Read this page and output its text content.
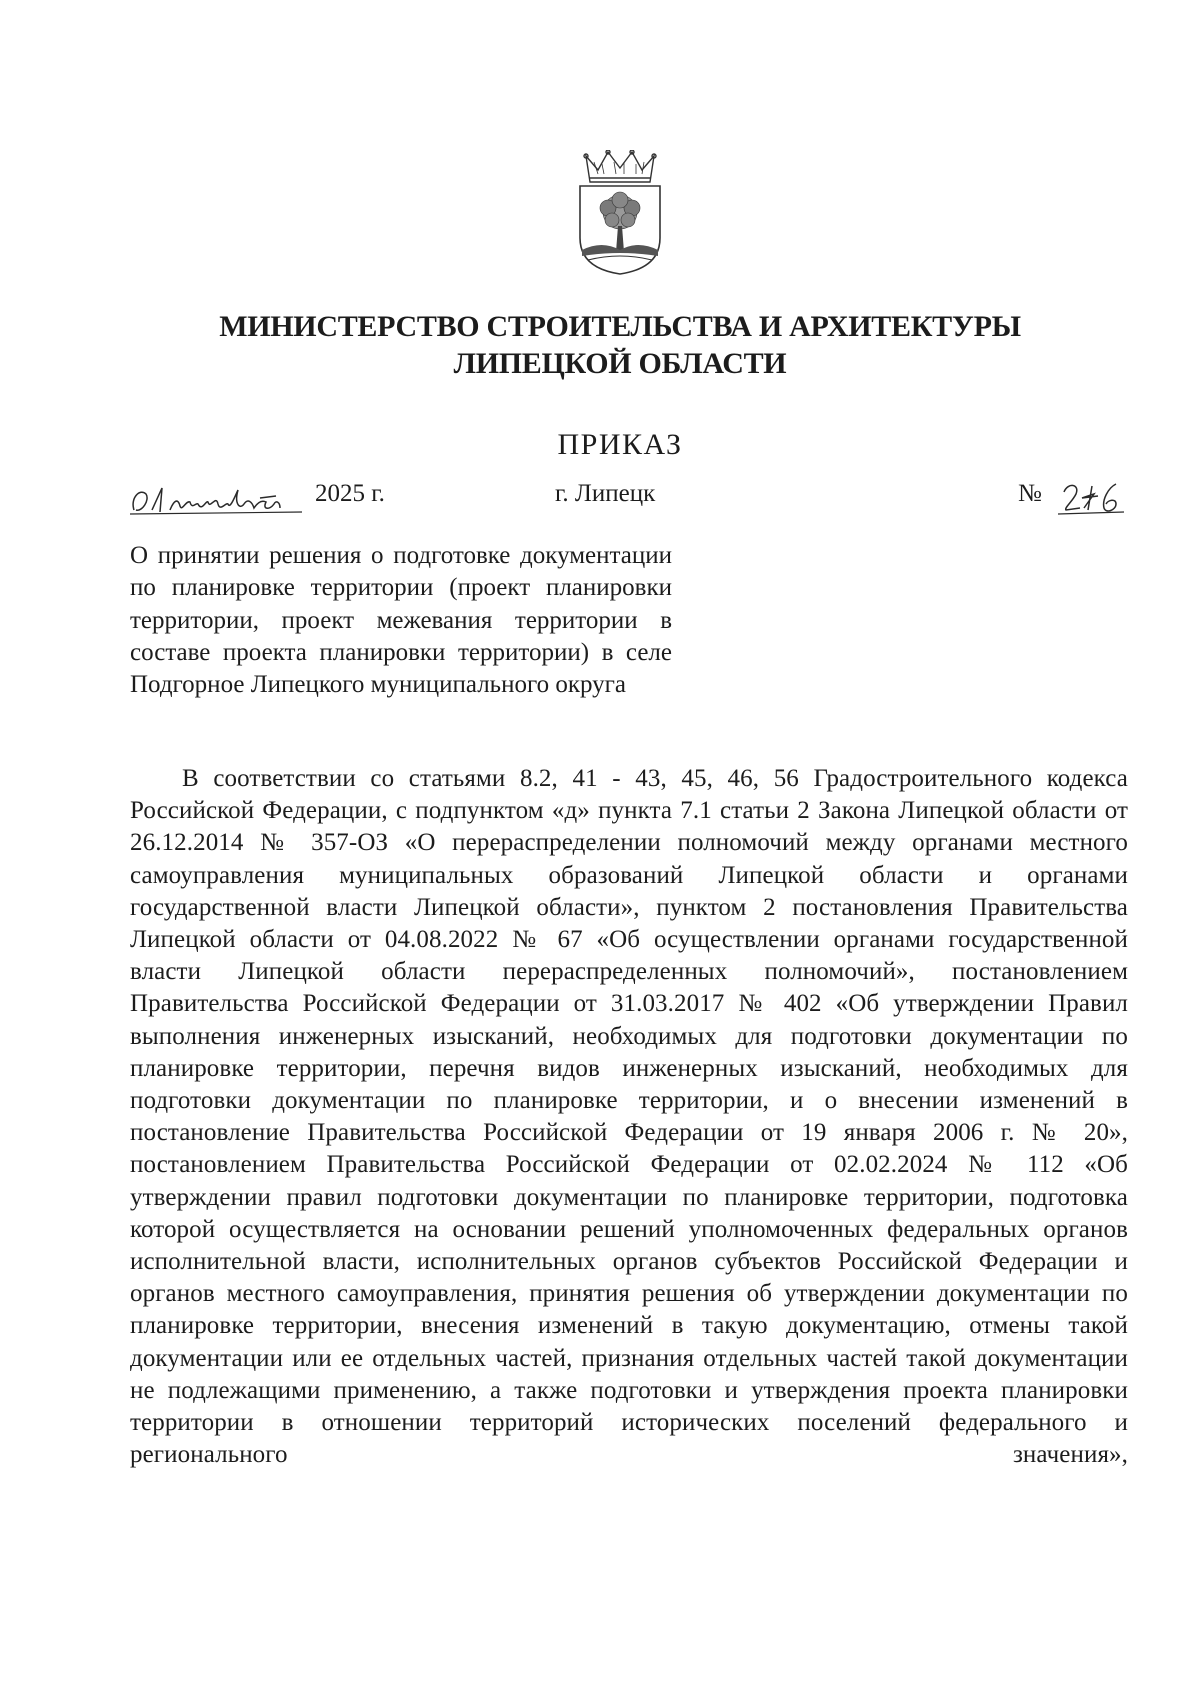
МИНИСТЕРСТВО СТРОИТЕЛЬСТВА И АРХИТЕКТУРЫ
ЛИПЕЦКОЙ ОБЛАСТИ
ПРИКАЗ
2025 г.	г. Липецк	№
О принятии решения о подготовке документации по планировке территории (проект планировки территории, проект межевания территории в составе проекта планировки территории) в селе Подгорное Липецкого муниципального округа
В соответствии со статьями 8.2, 41 - 43, 45, 46, 56 Градостроительного кодекса Российской Федерации, с подпунктом «д» пункта 7.1 статьи 2 Закона Липецкой области от 26.12.2014 № 357-ОЗ «О перераспределении полномочий между органами местного самоуправления муниципальных образований Липецкой области и органами государственной власти Липецкой области», пунктом 2 постановления Правительства Липецкой области от 04.08.2022 № 67 «Об осуществлении органами государственной власти Липецкой области перераспределенных полномочий», постановлением Правительства Российской Федерации от 31.03.2017 № 402 «Об утверждении Правил выполнения инженерных изысканий, необходимых для подготовки документации по планировке территории, перечня видов инженерных изысканий, необходимых для подготовки документации по планировке территории, и о внесении изменений в постановление Правительства Российской Федерации от 19 января 2006 г. № 20», постановлением Правительства Российской Федерации от 02.02.2024 № 112 «Об утверждении правил подготовки документации по планировке территории, подготовка которой осуществляется на основании решений уполномоченных федеральных органов исполнительной власти, исполнительных органов субъектов Российской Федерации и органов местного самоуправления, принятия решения об утверждении документации по планировке территории, внесения изменений в такую документацию, отмены такой документации или ее отдельных частей, признания отдельных частей такой документации не подлежащими применению, а также подготовки и утверждения проекта планировки территории в отношении территорий исторических поселений федерального и регионального значения»,
